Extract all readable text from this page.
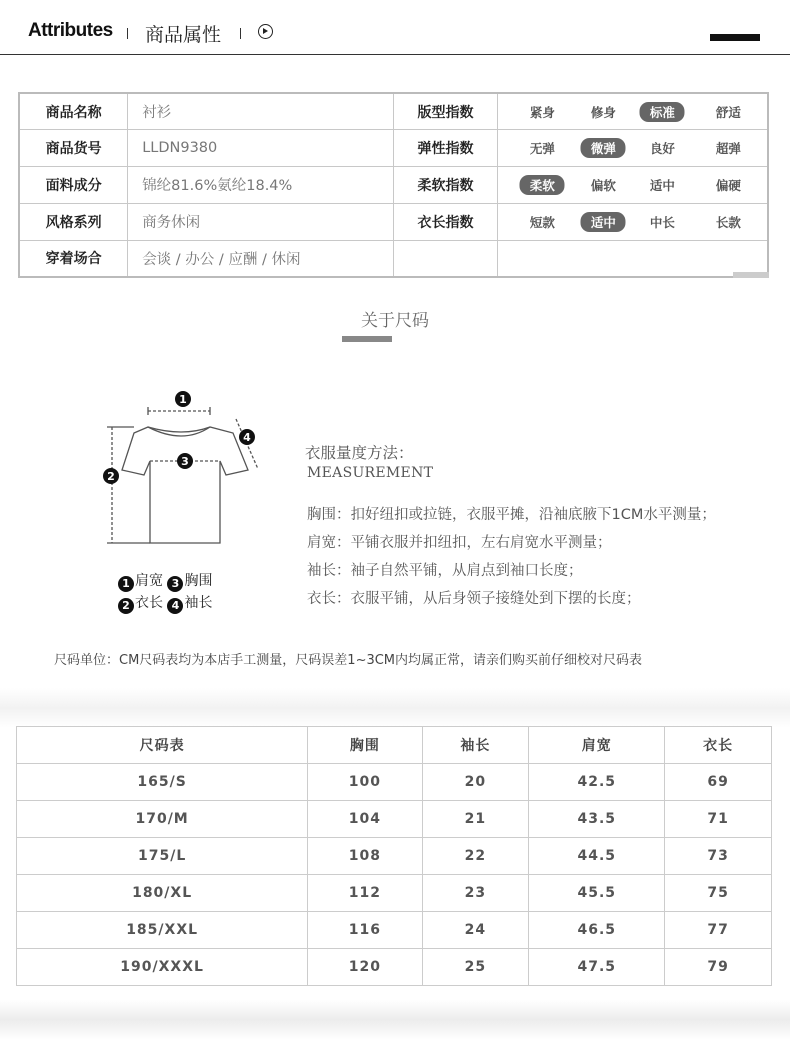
Attributes 商品属性
商品名称	衬衫	版型指数	紧身 修身 标准 舒适

商品货号	LLDN9380	弹性指数	无弹 微弹 良好 超弹

面料成分	锦纶81.6%氨纶18.4%	柔软指数	柔软 偏软 适中 偏硬

风格系列	商务休闲	衣长指数	短款 适中 中长 长款

穿着场合	会谈 / 办公 / 应酬 / 休闲		
关于尺码
1
3
2
4
1 肩宽 3 胸围
2 衣长 4 袖长
衣服量度方法：
MEASUREMENT
胸围：扣好纽扣或拉链，衣服平摊，沿袖底腋下1CM水平测量；
肩宽：平铺衣服并扣纽扣，左右肩宽水平测量；
袖长：袖子自然平铺，从肩点到袖口长度；
衣长：衣服平铺，从后身领子接缝处到下摆的长度；
尺码单位：CM尺码表均为本店手工测量，尺码误差1~3CM内均属正常，请亲们购买前仔细校对尺码表
尺码表	胸围	袖长	肩宽	衣长
165/S	100	20	42.5	69
170/M	104	21	43.5	71
175/L	108	22	44.5	73
180/XL	112	23	45.5	75
185/XXL	116	24	46.5	77
190/XXXL	120	25	47.5	79
